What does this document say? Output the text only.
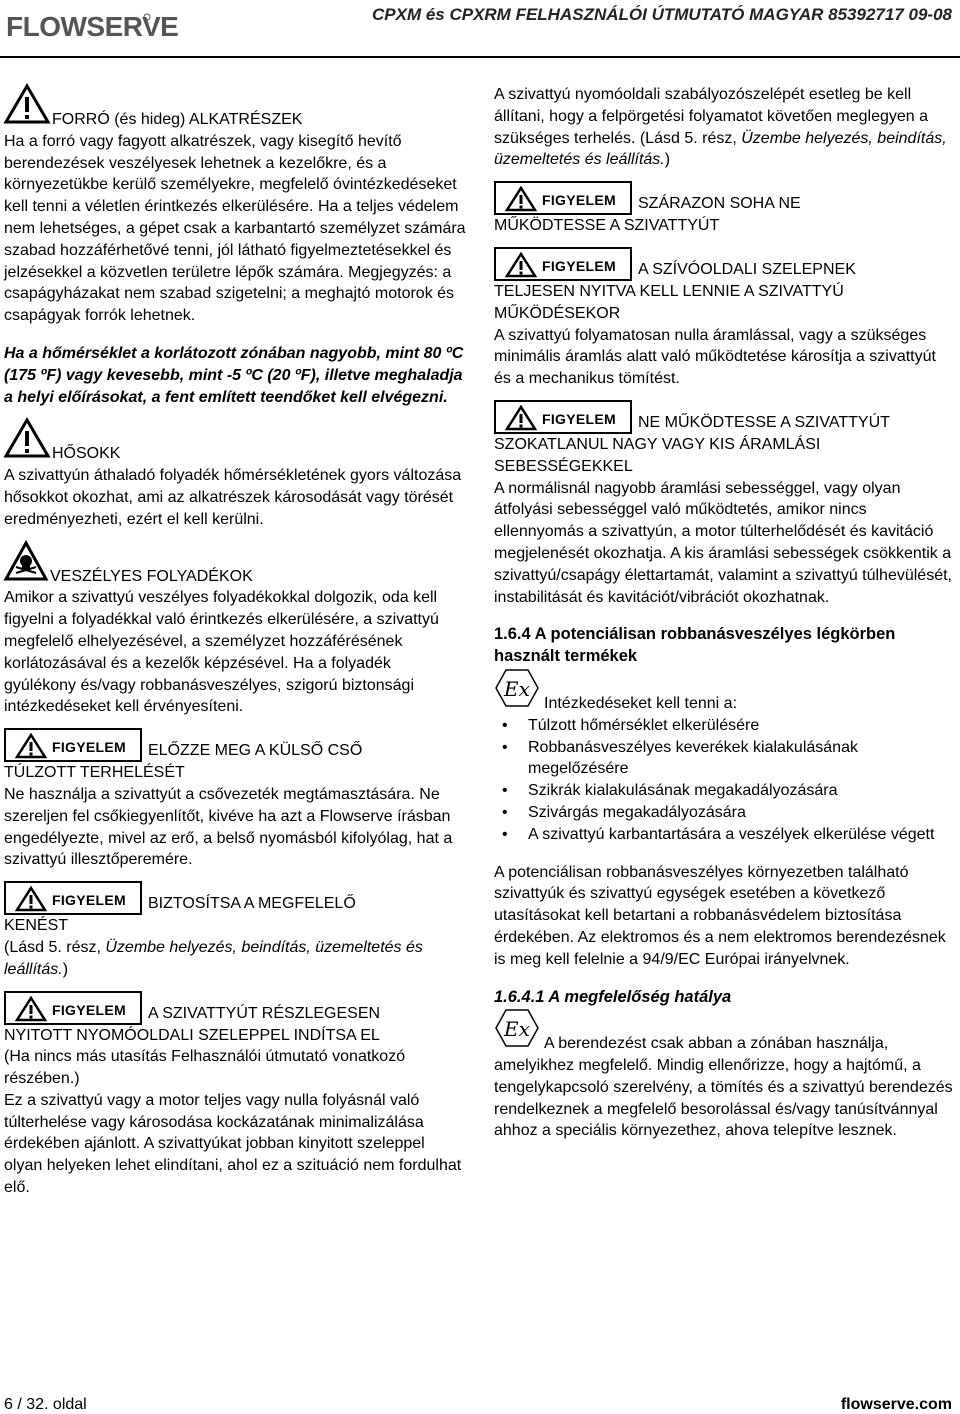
FLOWSERVE	CPXM és CPXRM FELHASZNÁLÓI ÚTMUTATÓ MAGYAR 85392717 09-08

FORRÓ (és hideg) ALKATRÉSZEK
Ha a forró vagy fagyott alkatrészek, vagy kisegítő hevítő berendezések veszélyesek lehetnek a kezelőkre, és a környezetükbe kerülő személyekre, megfelelő óvintézkedéseket kell tenni a véletlen érintkezés elkerülésére. Ha a teljes védelem nem lehetséges, a gépet csak a karbantartó személyzet számára szabad hozzáférhetővé tenni, jól látható figyelmeztetésekkel és jelzésekkel a közvetlen területre lépők számára. Megjegyzés: a csapágyházakat nem szabad szigetelni; a meghajtó motorok és csapágyak forrók lehetnek.

Ha a hőmérséklet a korlátozott zónában nagyobb, mint 80 ºC (175 ºF) vagy kevesebb, mint -5 ºC (20 ºF), illetve meghaladja a helyi előírásokat, a fent említett teendőket kell elvégezni.

HŐSOKK
A szivattyún áthaladó folyadék hőmérsékletének gyors változása hősokkot okozhat, ami az alkatrészek károsodását vagy törését eredményezheti, ezért el kell kerülni.

VESZÉLYES FOLYADÉKOK
Amikor a szivattyú veszélyes folyadékokkal dolgozik, oda kell figyelni a folyadékkal való érintkezés elkerülésére, a szivattyú megfelelő elhelyezésével, a személyzet hozzáférésének korlátozásával és a kezelők képzésével. Ha a folyadék gyúlékony és/vagy robbanásveszélyes, szigorú biztonsági intézkedéseket kell érvényesíteni.

FIGYELEM ELŐZZE MEG A KÜLSŐ CSŐ
TÚLZOTT TERHELÉSÉT
Ne használja a szivattyút a csővezeték megtámasztására. Ne szereljen fel csőkiegyenlítőt, kivéve ha azt a Flowserve írásban engedélyezte, mivel az erő, a belső nyomásból kifolyólag, hat a szivattyú illesztőperemére.

FIGYELEM BIZTOSÍTSA A MEGFELELŐ
KENÉST
(Lásd 5. rész, Üzembe helyezés, beindítás, üzemeltetés és leállítás.)

FIGYELEM A SZIVATTYÚT RÉSZLEGESEN
NYITOTT NYOMÓOLDALI SZELEPPEL INDÍTSA EL
(Ha nincs más utasítás Felhasználói útmutató vonatkozó részében.)
Ez a szivattyú vagy a motor teljes vagy nulla folyásnál való túlterhelése vagy károsodása kockázatának minimalizálása érdekében ajánlott. A szivattyúkat jobban kinyitott szeleppel olyan helyeken lehet elindítani, ahol ez a szituáció nem fordulhat elő.

A szivattyú nyomóoldali szabályozószelépét esetleg be kell állítani, hogy a felpörgetési folyamatot követően meglegyen a szükséges terhelés. (Lásd 5. rész, Üzembe helyezés, beindítás, üzemeltetés és leállítás.)

FIGYELEM SZÁRAZON SOHA NE
MŰKÖDTESSE A SZIVATTYÚT

FIGYELEM A SZÍVÓOLDALI SZELEPNEK
TELJESEN NYITVA KELL LENNIE A SZIVATTYÚ MŰKÖDÉSEKOR
A szivattyú folyamatosan nulla áramlással, vagy a szükséges minimális áramlás alatt való működtetése károsítja a szivattyút és a mechanikus tömítést.

FIGYELEM NE MŰKÖDTESSE A SZIVATTYÚT
SZOKATLANUL NAGY VAGY KIS ÁRAMLÁSI SEBESSÉGEKKEL
A normálisnál nagyobb áramlási sebességgel, vagy olyan átfolyási sebességgel való működtetés, amikor nincs ellennyomás a szivattyún, a motor túlterhelődését és kavitáció megjelenését okozhatja. A kis áramlási sebességek csökkentik a szivattyú/csapágy élettartamát, valamint a szivattyú túlhevülését, instabilitását és kavitációt/vibrációt okozhatnak.

1.6.4 A potenciálisan robbanásveszélyes légkörben használt termékek

Ex
Intézkedéseket kell tenni a:

• Túlzott hőmérséklet elkerülésére
• Robbanásveszélyes keverékek kialakulásának megelőzésére
• Szikrák kialakulásának megakadályozására
• Szivárgás megakadályozására
• A szivattyú karbantartására a veszélyek elkerülése végett

A potenciálisan robbanásveszélyes környezetben található szivattyúk és szivattyú egységek esetében a következő utasításokat kell betartani a robbanásvédelem biztosítása érdekében. Az elektromos és a nem elektromos berendezésnek is meg kell felelnie a 94/9/EC Európai irányelvnek.

1.6.4.1 A megfelelőség hatálya

Ex
A berendezést csak abban a zónában használja, amelyikhez megfelelő. Mindig ellenőrizze, hogy a hajtómű, a tengelykapcsoló szerelvény, a tömítés és a szivattyú berendezés rendelkeznek a megfelelő besorolással és/vagy tanúsítvánnyal ahhoz a speciális környezethez, ahova telepítve lesznek.

6 / 32. oldal	flowserve.com
